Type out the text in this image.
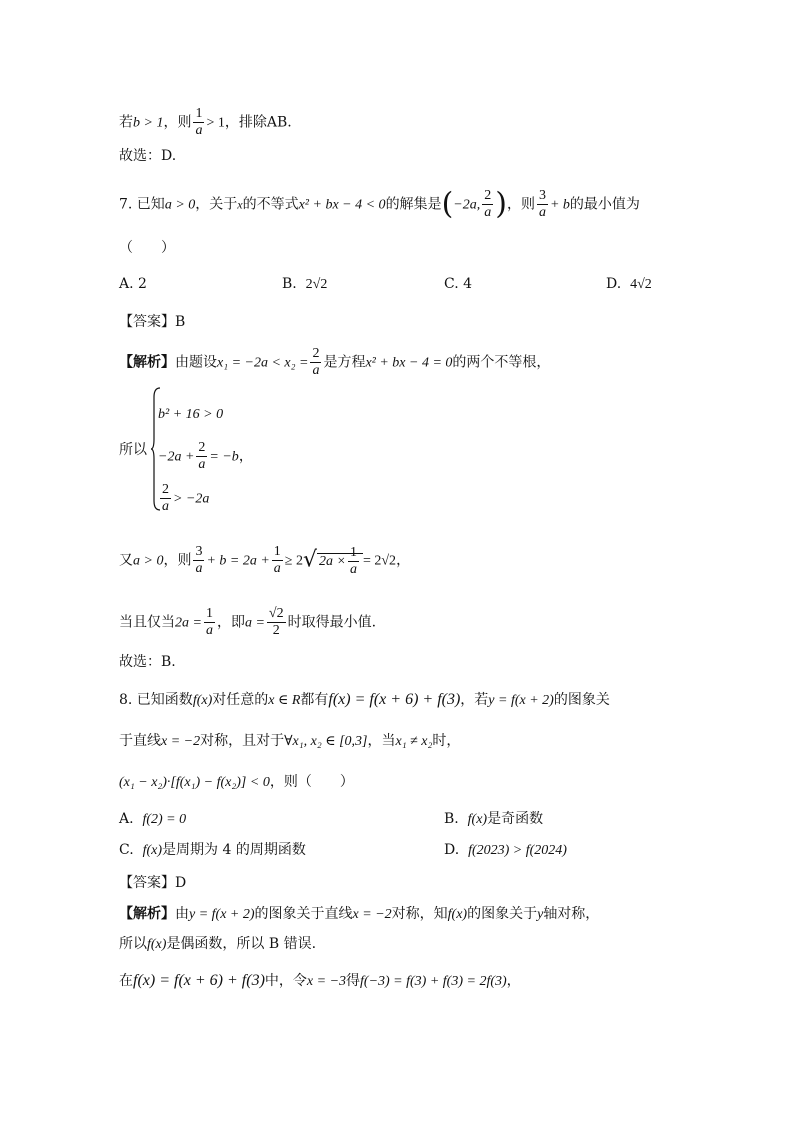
若b > 1，则 $\frac{1}{a} > 1$，排除AB.
故选：D.
7. 已知a > 0，关于x的不等式x² + bx − 4 < 0的解集是(−2a, $\frac{2}{a}$ )，则 $\frac{3}{a} + b$的最小值为
（　　）
A. 2	B. 2√2	C. 4	D. 4√2
【答案】B
【解析】由题设$x_1 = -2a < x_2 = \frac{2}{a}$ 是方程x² + bx − 4 = 0的两个不等根，
所以
b² + 16 > 0
$-2a + \frac{2}{a} = -b$，
$\frac{2}{a} > -2a$
又a > 0，则 $\frac{3}{a} + b = 2a + \frac{1}{a} \ge 2√$ $2a \times \frac{1}{a} = 2√2$，
当且仅当$2a = \frac{1}{a}$ ，即$a = \frac{√2}{2}$ 时取得最小值.
故选：B.
8. 已知函数f(x)对任意的x ∈ R都有f(x) = f(x + 6) + f(3)，若y = f(x + 2)的图象关
于直线x = −2对称，且对于∀x₁, x₂ ∈ [0,3]，当x₁ ≠ x₂时，
(x₁ − x₂)·[f(x₁) − f(x₂)] < 0，则（　　）
A. f(2) = 0	B. f(x)是奇函数
C. f(x)是周期为 4 的周期函数	D. f(2023) > f(2024)
【答案】D
【解析】由y = f(x + 2)的图象关于直线x = −2对称，知f(x)的图象关于y轴对称，
所以f(x)是偶函数，所以 B 错误.
在f(x) = f(x + 6) + f(3)中，令x = −3得f(−3) = f(3) + f(3) = 2f(3)，
